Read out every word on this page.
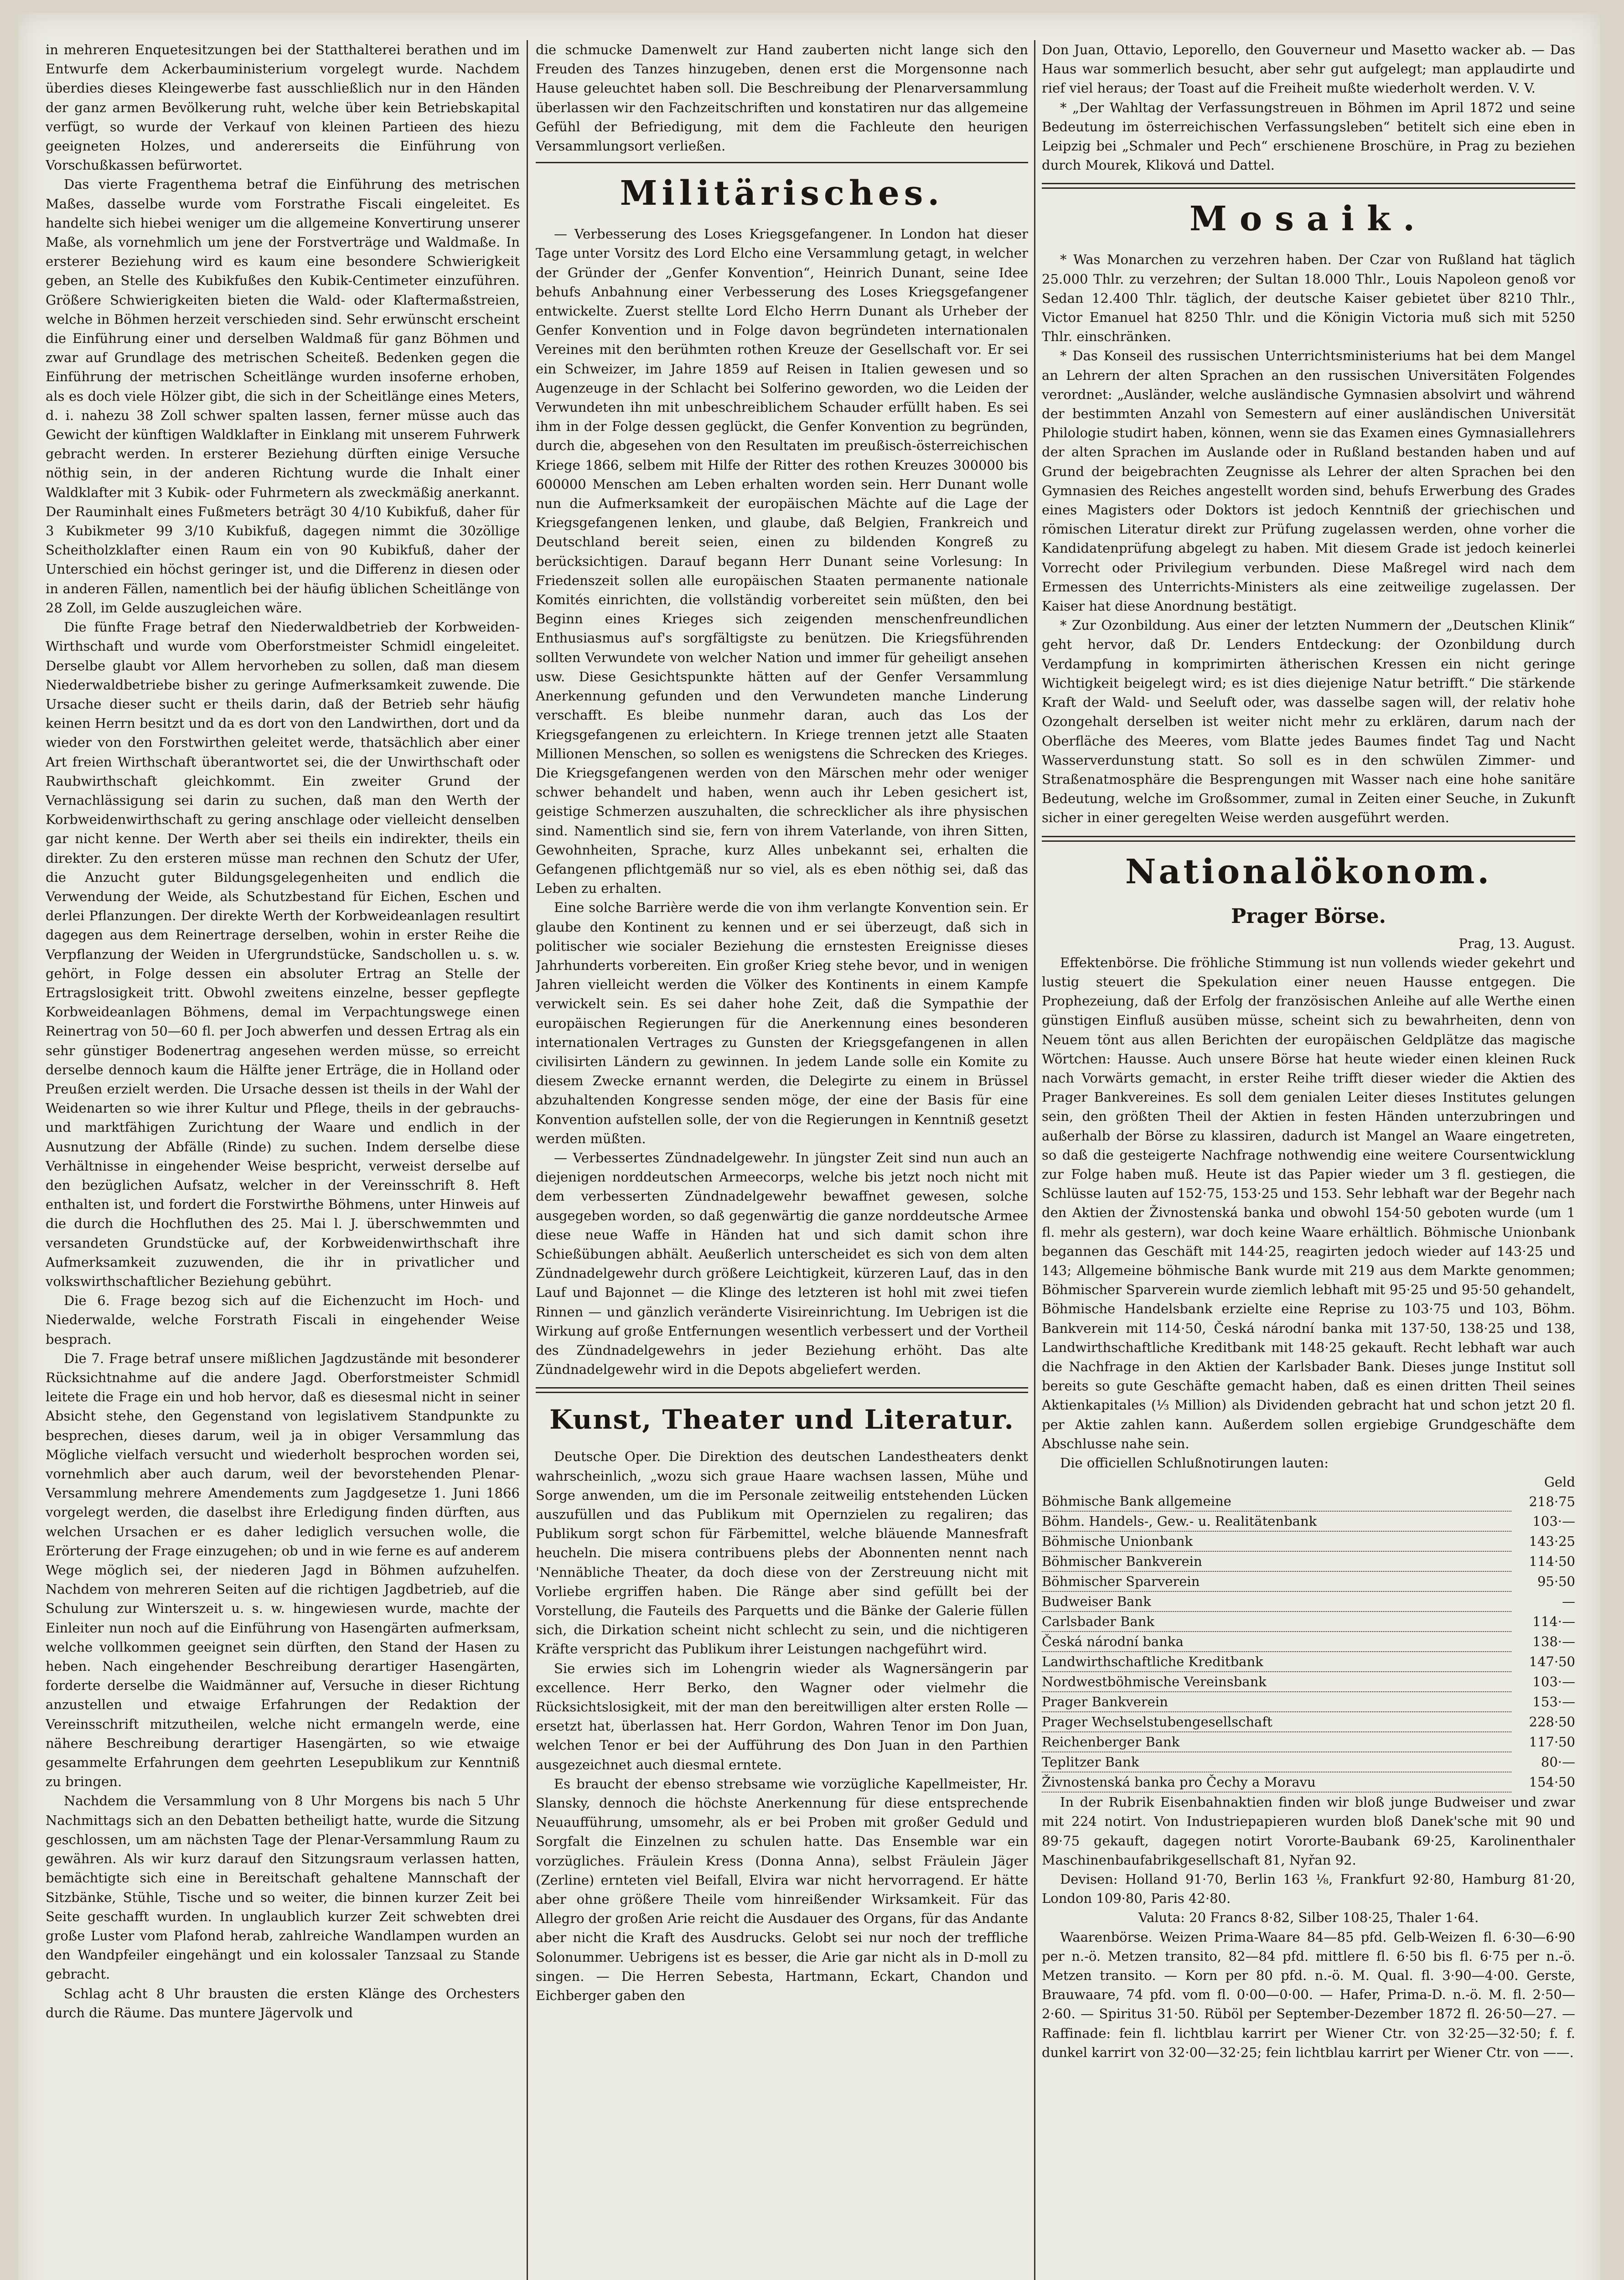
in mehreren Enquetesitzungen bei der Statthalterei berathen und im Entwurfe dem Ackerbauministerium vorgelegt wurde. Nachdem überdies dieses Kleingewerbe fast ausschließlich nur in den Händen der ganz armen Bevölkerung ruht, welche über kein Betriebskapital verfügt, so wurde der Verkauf von kleinen Partieen des hiezu geeigneten Holzes, und andererseits die Einführung von Vorschußkassen befürwortet.

Das vierte Fragenthema betraf die Einführung des metrischen Maßes, dasselbe wurde vom Forstrathe Fiscali eingeleitet. Es handelte sich hiebei weniger um die allgemeine Konvertirung unserer Maße, als vornehmlich um jene der Forstverträge und Waldmaße. In ersterer Beziehung wird es kaum eine besondere Schwierigkeit geben, an Stelle des Kubikfußes den Kubik-Centimeter einzuführen. Größere Schwierigkeiten bieten die Wald- oder Klaftermaßstreien, welche in Böhmen herzeit verschieden sind. Sehr erwünscht erscheint die Einführung einer und derselben Waldmaß für ganz Böhmen und zwar auf Grundlage des metrischen Scheiteß. Bedenken gegen die Einführung der metrischen Scheitlänge wurden insoferne erhoben, als es doch viele Hölzer gibt, die sich in der Scheitlänge eines Meters, d. i. nahezu 38 Zoll schwer spalten lassen, ferner müsse auch das Gewicht der künftigen Waldklafter in Einklang mit unserem Fuhrwerk gebracht werden. In ersterer Beziehung dürften einige Versuche nöthig sein, in der anderen Richtung wurde die Inhalt einer Waldklafter mit 3 Kubik- oder Fuhrmetern als zweckmäßig anerkannt. Der Rauminhalt eines Fußmeters beträgt 30 4/10 Kubikfuß, daher für 3 Kubikmeter 99 3/10 Kubikfuß, dagegen nimmt die 30zöllige Scheitholzklafter einen Raum ein von 90 Kubikfuß, daher der Unterschied ein höchst geringer ist, und die Differenz in diesen oder in anderen Fällen, namentlich bei der häufig üblichen Scheitlänge von 28 Zoll, im Gelde auszugleichen wäre.

Die fünfte Frage betraf den Niederwaldbetrieb der Korbweiden-Wirthschaft und wurde vom Oberforstmeister Schmidl eingeleitet. Derselbe glaubt vor Allem hervorheben zu sollen, daß man diesem Niederwaldbetriebe bisher zu geringe Aufmerksamkeit zuwende. Die Ursache dieser sucht er theils darin, daß der Betrieb sehr häufig keinen Herrn besitzt und da es dort von den Landwirthen, dort und da wieder von den Forstwirthen geleitet werde, thatsächlich aber einer Art freien Wirthschaft überantwortet sei, die der Unwirthschaft oder Raubwirthschaft gleichkommt. Ein zweiter Grund der Vernachlässigung sei darin zu suchen, daß man den Werth der Korbweidenwirthschaft zu gering anschlage oder vielleicht denselben gar nicht kenne. Der Werth aber sei theils ein indirekter, theils ein direkter. Zu den ersteren müsse man rechnen den Schutz der Ufer, die Anzucht guter Bildungsgelegenheiten und endlich die Verwendung der Weide, als Schutzbestand für Eichen, Eschen und derlei Pflanzungen. Der direkte Werth der Korbweideanlagen resultirt dagegen aus dem Reinertrage derselben, wohin in erster Reihe die Verpflanzung der Weiden in Ufergrundstücke, Sandschollen u. s. w. gehört, in Folge dessen ein absoluter Ertrag an Stelle der Ertragslosigkeit tritt. Obwohl zweitens einzelne, besser gepflegte Korbweideanlagen Böhmens, demal im Verpachtungswege einen Reinertrag von 50—60 fl. per Joch abwerfen und dessen Ertrag als ein sehr günstiger Bodenertrag angesehen werden müsse, so erreicht derselbe dennoch kaum die Hälfte jener Erträge, die in Holland oder Preußen erzielt werden. Die Ursache dessen ist theils in der Wahl der Weidenarten so wie ihrer Kultur und Pflege, theils in der gebrauchs- und marktfähigen Zurichtung der Waare und endlich in der Ausnutzung der Abfälle (Rinde) zu suchen. Indem derselbe diese Verhältnisse in eingehender Weise bespricht, verweist derselbe auf den bezüglichen Aufsatz, welcher in der Vereinsschrift 8. Heft enthalten ist, und fordert die Forstwirthe Böhmens, unter Hinweis auf die durch die Hochfluthen des 25. Mai l. J. überschwemmten und versandeten Grundstücke auf, der Korbweidenwirthschaft ihre Aufmerksamkeit zuzuwenden, die ihr in privatlicher und volkswirthschaftlicher Beziehung gebührt.

Die 6. Frage bezog sich auf die Eichenzucht im Hoch- und Niederwalde, welche Forstrath Fiscali in eingehender Weise besprach.

Die 7. Frage betraf unsere mißlichen Jagdzustände mit besonderer Rücksichtnahme auf die andere Jagd. Oberforstmeister Schmidl leitete die Frage ein und hob hervor, daß es diesesmal nicht in seiner Absicht stehe, den Gegenstand von legislativem Standpunkte zu besprechen, dieses darum, weil ja in obiger Versammlung das Mögliche vielfach versucht und wiederholt besprochen worden sei, vornehmlich aber auch darum, weil der bevorstehenden Plenar-Versammlung mehrere Amendements zum Jagdgesetze 1. Juni 1866 vorgelegt werden, die daselbst ihre Erledigung finden dürften, aus welchen Ursachen er es daher lediglich versuchen wolle, die Erörterung der Frage einzugehen; ob und in wie ferne es auf anderem Wege möglich sei, der niederen Jagd in Böhmen aufzuhelfen. Nachdem von mehreren Seiten auf die richtigen Jagdbetrieb, auf die Schulung zur Winterszeit u. s. w. hingewiesen wurde, machte der Einleiter nun noch auf die Einführung von Hasengärten aufmerksam, welche vollkommen geeignet sein dürften, den Stand der Hasen zu heben. Nach eingehender Beschreibung derartiger Hasengärten, forderte derselbe die Waidmänner auf, Versuche in dieser Richtung anzustellen und etwaige Erfahrungen der Redaktion der Vereinsschrift mitzutheilen, welche nicht ermangeln werde, eine nähere Beschreibung derartiger Hasengärten, so wie etwaige gesammelte Erfahrungen dem geehrten Lesepublikum zur Kenntniß zu bringen.

Nachdem die Versammlung von 8 Uhr Morgens bis nach 5 Uhr Nachmittags sich an den Debatten betheiligt hatte, wurde die Sitzung geschlossen, um am nächsten Tage der Plenar-Versammlung Raum zu gewähren. Als wir kurz darauf den Sitzungsraum verlassen hatten, bemächtigte sich eine in Bereitschaft gehaltene Mannschaft der Sitzbänke, Stühle, Tische und so weiter, die binnen kurzer Zeit bei Seite geschafft wurden. In unglaublich kurzer Zeit schwebten drei große Luster vom Plafond herab, zahlreiche Wandlampen wurden an den Wandpfeiler eingehängt und ein kolossaler Tanzsaal zu Stande gebracht.

Schlag acht 8 Uhr brausten die ersten Klänge des Orchesters durch die Räume. Das muntere Jägervolk und

die schmucke Damenwelt zur Hand zauberten nicht lange sich den Freuden des Tanzes hinzugeben, denen erst die Morgensonne nach Hause geleuchtet haben soll. Die Beschreibung der Plenarversammlung überlassen wir den Fachzeitschriften und konstatiren nur das allgemeine Gefühl der Befriedigung, mit dem die Fachleute den heurigen Versammlungsort verließen.

Militärisches.

— Verbesserung des Loses Kriegsgefangener. In London hat dieser Tage unter Vorsitz des Lord Elcho eine Versammlung getagt, in welcher der Gründer der „Genfer Konvention“, Heinrich Dunant, seine Idee behufs Anbahnung einer Verbesserung des Loses Kriegsgefangener entwickelte. Zuerst stellte Lord Elcho Herrn Dunant als Urheber der Genfer Konvention und in Folge davon begründeten internationalen Vereines mit den berühmten rothen Kreuze der Gesellschaft vor. Er sei ein Schweizer, im Jahre 1859 auf Reisen in Italien gewesen und so Augenzeuge in der Schlacht bei Solferino geworden, wo die Leiden der Verwundeten ihn mit unbeschreiblichem Schauder erfüllt haben. Es sei ihm in der Folge dessen geglückt, die Genfer Konvention zu begründen, durch die, abgesehen von den Resultaten im preußisch-österreichischen Kriege 1866, selbem mit Hilfe der Ritter des rothen Kreuzes 300000 bis 600000 Menschen am Leben erhalten worden sein. Herr Dunant wolle nun die Aufmerksamkeit der europäischen Mächte auf die Lage der Kriegsgefangenen lenken, und glaube, daß Belgien, Frankreich und Deutschland bereit seien, einen zu bildenden Kongreß zu berücksichtigen. Darauf begann Herr Dunant seine Vorlesung: In Friedenszeit sollen alle europäischen Staaten permanente nationale Komités einrichten, die vollständig vorbereitet sein müßten, den bei Beginn eines Krieges sich zeigenden menschenfreundlichen Enthusiasmus auf's sorgfältigste zu benützen. Die Kriegsführenden sollten Verwundete von welcher Nation und immer für geheiligt ansehen usw. Diese Gesichtspunkte hätten auf der Genfer Versammlung Anerkennung gefunden und den Verwundeten manche Linderung verschafft. Es bleibe nunmehr daran, auch das Los der Kriegsgefangenen zu erleichtern. In Kriege trennen jetzt alle Staaten Millionen Menschen, so sollen es wenigstens die Schrecken des Krieges. Die Kriegsgefangenen werden von den Märschen mehr oder weniger schwer behandelt und haben, wenn auch ihr Leben gesichert ist, geistige Schmerzen auszuhalten, die schrecklicher als ihre physischen sind. Namentlich sind sie, fern von ihrem Vaterlande, von ihren Sitten, Gewohnheiten, Sprache, kurz Alles unbekannt sei, erhalten die Gefangenen pflichtgemäß nur so viel, als es eben nöthig sei, daß das Leben zu erhalten.

Eine solche Barrière werde die von ihm verlangte Konvention sein. Er glaube den Kontinent zu kennen und er sei überzeugt, daß sich in politischer wie socialer Beziehung die ernstesten Ereignisse dieses Jahrhunderts vorbereiten. Ein großer Krieg stehe bevor, und in wenigen Jahren vielleicht werden die Völker des Kontinents in einem Kampfe verwickelt sein. Es sei daher hohe Zeit, daß die Sympathie der europäischen Regierungen für die Anerkennung eines besonderen internationalen Vertrages zu Gunsten der Kriegsgefangenen in allen civilisirten Ländern zu gewinnen. In jedem Lande solle ein Komite zu diesem Zwecke ernannt werden, die Delegirte zu einem in Brüssel abzuhaltenden Kongresse senden möge, der eine der Basis für eine Konvention aufstellen solle, der von die Regierungen in Kenntniß gesetzt werden müßten.

— Verbessertes Zündnadelgewehr. In jüngster Zeit sind nun auch an diejenigen norddeutschen Armeecorps, welche bis jetzt noch nicht mit dem verbesserten Zündnadelgewehr bewaffnet gewesen, solche ausgegeben worden, so daß gegenwärtig die ganze norddeutsche Armee diese neue Waffe in Händen hat und sich damit schon ihre Schießübungen abhält. Aeußerlich unterscheidet es sich von dem alten Zündnadelgewehr durch größere Leichtigkeit, kürzeren Lauf, das in den Lauf und Bajonnet — die Klinge des letzteren ist hohl mit zwei tiefen Rinnen — und gänzlich veränderte Visireinrichtung. Im Uebrigen ist die Wirkung auf große Entfernungen wesentlich verbessert und der Vortheil des Zündnadelgewehrs in jeder Beziehung erhöht. Das alte Zündnadelgewehr wird in die Depots abgeliefert werden.

Kunst, Theater und Literatur.

Deutsche Oper. Die Direktion des deutschen Landestheaters denkt wahrscheinlich, „wozu sich graue Haare wachsen lassen, Mühe und Sorge anwenden, um die im Personale zeitweilig entstehenden Lücken auszufüllen und das Publikum mit Opernzielen zu regaliren; das Publikum sorgt schon für Färbemittel, welche bläuende Mannesfraft heucheln. Die misera contribuens plebs der Abonnenten nennt nach 'Nennäbliche Theater, da doch diese von der Zerstreuung nicht mit Vorliebe ergriffen haben. Die Ränge aber sind gefüllt bei der Vorstellung, die Fauteils des Parquetts und die Bänke der Galerie füllen sich, die Dirkation scheint nicht schlecht zu sein, und die nichtigeren Kräfte verspricht das Publikum ihrer Leistungen nachgeführt wird.

Sie erwies sich im Lohengrin wieder als Wagnersängerin par excellence. Herr Berko, den Wagner oder vielmehr die Rücksichtslosigkeit, mit der man den bereitwilligen alter ersten Rolle — ersetzt hat, überlassen hat. Herr Gordon, Wahren Tenor im Don Juan, welchen Tenor er bei der Aufführung des Don Juan in den Parthien ausgezeichnet auch diesmal erntete.

Es braucht der ebenso strebsame wie vorzügliche Kapellmeister, Hr. Slansky, dennoch die höchste Anerkennung für diese entsprechende Neuaufführung, umsomehr, als er bei Proben mit großer Geduld und Sorgfalt die Einzelnen zu schulen hatte. Das Ensemble war ein vorzügliches. Fräulein Kress (Donna Anna), selbst Fräulein Jäger (Zerline) ernteten viel Beifall, Elvira war nicht hervorragend. Er hätte aber ohne größere Theile vom hinreißender Wirksamkeit. Für das Allegro der großen Arie reicht die Ausdauer des Organs, für das Andante aber nicht die Kraft des Ausdrucks. Gelobt sei nur noch der treffliche Solonummer. Uebrigens ist es besser, die Arie gar nicht als in D-moll zu singen. — Die Herren Sebesta, Hartmann, Eckart, Chandon und Eichberger gaben den

Don Juan, Ottavio, Leporello, den Gouverneur und Masetto wacker ab. — Das Haus war sommerlich besucht, aber sehr gut aufgelegt; man applaudirte und rief viel heraus; der Toast auf die Freiheit mußte wiederholt werden. V. V.

* „Der Wahltag der Verfassungstreuen in Böhmen im April 1872 und seine Bedeutung im österreichischen Verfassungsleben“ betitelt sich eine eben in Leipzig bei „Schmaler und Pech“ erschienene Broschüre, in Prag zu beziehen durch Mourek, Kliková und Dattel.

Mosaik.

* Was Monarchen zu verzehren haben. Der Czar von Rußland hat täglich 25.000 Thlr. zu verzehren; der Sultan 18.000 Thlr., Louis Napoleon genoß vor Sedan 12.400 Thlr. täglich, der deutsche Kaiser gebietet über 8210 Thlr., Victor Emanuel hat 8250 Thlr. und die Königin Victoria muß sich mit 5250 Thlr. einschränken.

* Das Konseil des russischen Unterrichtsministeriums hat bei dem Mangel an Lehrern der alten Sprachen an den russischen Universitäten Folgendes verordnet: „Ausländer, welche ausländische Gymnasien absolvirt und während der bestimmten Anzahl von Semestern auf einer ausländischen Universität Philologie studirt haben, können, wenn sie das Examen eines Gymnasiallehrers der alten Sprachen im Auslande oder in Rußland bestanden haben und auf Grund der beigebrachten Zeugnisse als Lehrer der alten Sprachen bei den Gymnasien des Reiches angestellt worden sind, behufs Erwerbung des Grades eines Magisters oder Doktors ist jedoch Kenntniß der griechischen und römischen Literatur direkt zur Prüfung zugelassen werden, ohne vorher die Kandidatenprüfung abgelegt zu haben. Mit diesem Grade ist jedoch keinerlei Vorrecht oder Privilegium verbunden. Diese Maßregel wird nach dem Ermessen des Unterrichts-Ministers als eine zeitweilige zugelassen. Der Kaiser hat diese Anordnung bestätigt.

* Zur Ozonbildung. Aus einer der letzten Nummern der „Deutschen Klinik“ geht hervor, daß Dr. Lenders Entdeckung: der Ozonbildung durch Verdampfung in komprimirten ätherischen Kressen ein nicht geringe Wichtigkeit beigelegt wird; es ist dies diejenige Natur betrifft.“ Die stärkende Kraft der Wald- und Seeluft oder, was dasselbe sagen will, der relativ hohe Ozongehalt derselben ist weiter nicht mehr zu erklären, darum nach der Oberfläche des Meeres, vom Blatte jedes Baumes findet Tag und Nacht Wasserverdunstung statt. So soll es in den schwülen Zimmer- und Straßenatmosphäre die Besprengungen mit Wasser nach eine hohe sanitäre Bedeutung, welche im Großsommer, zumal in Zeiten einer Seuche, in Zukunft sicher in einer geregelten Weise werden ausgeführt werden.

Nationalökonom.
Prager Börse.
Prag, 13. August.

Effektenbörse. Die fröhliche Stimmung ist nun vollends wieder gekehrt und lustig steuert die Spekulation einer neuen Hausse entgegen. Die Prophezeiung, daß der Erfolg der französischen Anleihe auf alle Werthe einen günstigen Einfluß ausüben müsse, scheint sich zu bewahrheiten, denn von Neuem tönt aus allen Berichten der europäischen Geldplätze das magische Wörtchen: Hausse. Auch unsere Börse hat heute wieder einen kleinen Ruck nach Vorwärts gemacht, in erster Reihe trifft dieser wieder die Aktien des Prager Bankvereines. Es soll dem genialen Leiter dieses Institutes gelungen sein, den größten Theil der Aktien in festen Händen unterzubringen und außerhalb der Börse zu klassiren, dadurch ist Mangel an Waare eingetreten, so daß die gesteigerte Nachfrage nothwendig eine weitere Coursentwicklung zur Folge haben muß. Heute ist das Papier wieder um 3 fl. gestiegen, die Schlüsse lauten auf 152·75, 153·25 und 153. Sehr lebhaft war der Begehr nach den Aktien der Živnostenská banka und obwohl 154·50 geboten wurde (um 1 fl. mehr als gestern), war doch keine Waare erhältlich. Böhmische Unionbank begannen das Geschäft mit 144·25, reagirten jedoch wieder auf 143·25 und 143; Allgemeine böhmische Bank wurde mit 219 aus dem Markte genommen; Böhmischer Sparverein wurde ziemlich lebhaft mit 95·25 und 95·50 gehandelt, Böhmische Handelsbank erzielte eine Reprise zu 103·75 und 103, Böhm. Bankverein mit 114·50, Česká národní banka mit 137·50, 138·25 und 138, Landwirthschaftliche Kreditbank mit 148·25 gekauft. Recht lebhaft war auch die Nachfrage in den Aktien der Karlsbader Bank. Dieses junge Institut soll bereits so gute Geschäfte gemacht haben, daß es einen dritten Theil seines Aktienkapitales (⅓ Million) als Dividenden gebracht hat und schon jetzt 20 fl. per Aktie zahlen kann. Außerdem sollen ergiebige Grundgeschäfte dem Abschlusse nahe sein.

Die officiellen Schlußnotirungen lauten:

	Geld
Böhmische Bank allgemeine	218·75
Böhm. Handels-, Gew.- u. Realitätenbank	103·—
Böhmische Unionbank	143·25
Böhmischer Bankverein	114·50
Böhmischer Sparverein	95·50
Budweiser Bank	—
Carlsbader Bank	114·—
Česká národní banka	138·—
Landwirthschaftliche Kreditbank	147·50
Nordwestböhmische Vereinsbank	103·—
Prager Bankverein	153·—
Prager Wechselstubengesellschaft	228·50
Reichenberger Bank	117·50
Teplitzer Bank	80·—
Živnostenská banka pro Čechy a Moravu	154·50

In der Rubrik Eisenbahnaktien finden wir bloß junge Budweiser und zwar mit 224 notirt. Von Industriepapieren wurden bloß Danek'sche mit 90 und 89·75 gekauft, dagegen notirt Vororte-Baubank 69·25, Karolinenthaler Maschinenbaufabrikgesellschaft 81, Nyřan 92.

Devisen: Holland 91·70, Berlin 163 ⅛, Frankfurt 92·80, Hamburg 81·20, London 109·80, Paris 42·80.

Valuta: 20 Francs 8·82, Silber 108·25, Thaler 1·64.

Waarenbörse. Weizen Prima-Waare 84—85 pfd. Gelb-Weizen fl. 6·30—6·90 per n.-ö. Metzen transito, 82—84 pfd. mittlere fl. 6·50 bis fl. 6·75 per n.-ö. Metzen transito. — Korn per 80 pfd. n.-ö. M. Qual. fl. 3·90—4·00. Gerste, Brauwaare, 74 pfd. vom fl. 0·00—0·00. — Hafer, Prima-D. n.-ö. M. fl. 2·50—2·60. — Spiritus 31·50. Rüböl per September-Dezember 1872 fl. 26·50—27. — Raffinade: fein fl. lichtblau karrirt per Wiener Ctr. von 32·25—32·50; f. f. dunkel karrirt von 32·00—32·25; fein lichtblau karrirt per Wiener Ctr. von ——.
